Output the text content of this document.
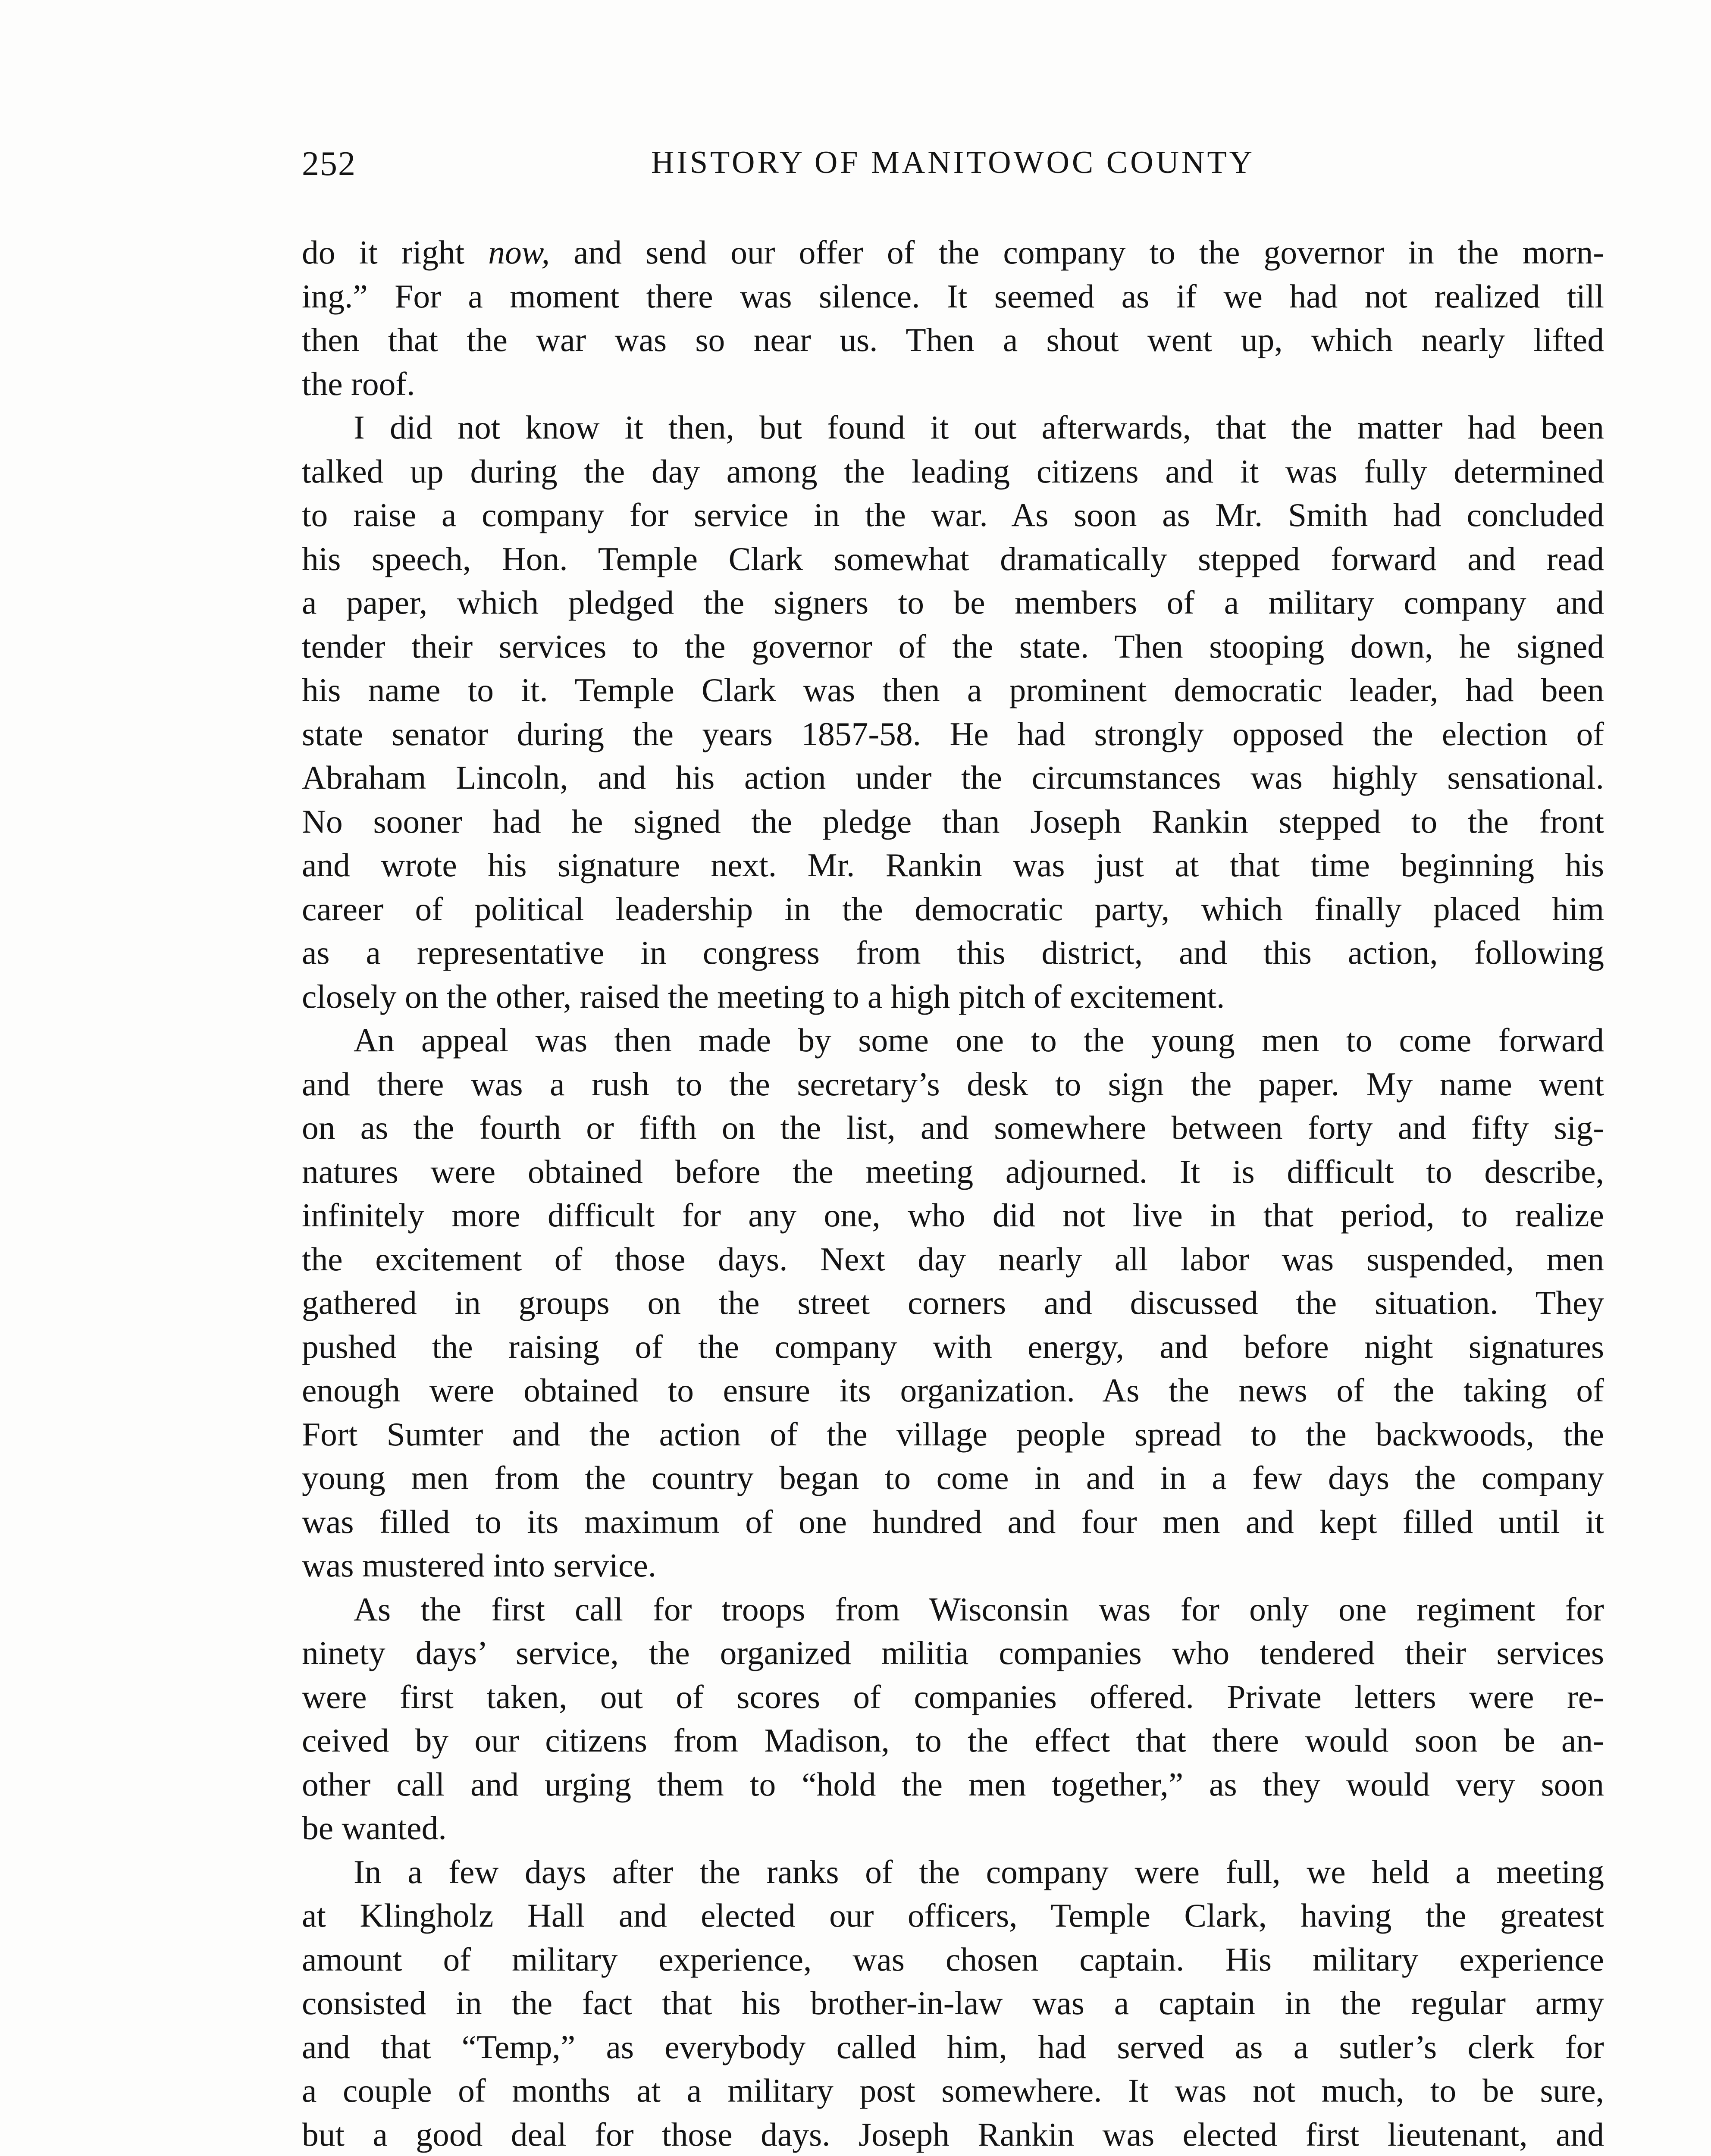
252	HISTORY OF MANITOWOC COUNTY
do it right now, and send our offer of the company to the governor in the morn-
ing.” For a moment there was silence. It seemed as if we had not realized till
then that the war was so near us. Then a shout went up, which nearly lifted
the roof.
I did not know it then, but found it out afterwards, that the matter had been
talked up during the day among the leading citizens and it was fully determined
to raise a company for service in the war. As soon as Mr. Smith had concluded
his speech, Hon. Temple Clark somewhat dramatically stepped forward and read
a paper, which pledged the signers to be members of a military company and
tender their services to the governor of the state. Then stooping down, he signed
his name to it. Temple Clark was then a prominent democratic leader, had been
state senator during the years 1857-58. He had strongly opposed the election of
Abraham Lincoln, and his action under the circumstances was highly sensational.
No sooner had he signed the pledge than Joseph Rankin stepped to the front
and wrote his signature next. Mr. Rankin was just at that time beginning his
career of political leadership in the democratic party, which finally placed him
as a representative in congress from this district, and this action, following
closely on the other, raised the meeting to a high pitch of excitement.
An appeal was then made by some one to the young men to come forward
and there was a rush to the secretary’s desk to sign the paper. My name went
on as the fourth or fifth on the list, and somewhere between forty and fifty sig-
natures were obtained before the meeting adjourned. It is difficult to describe,
infinitely more difficult for any one, who did not live in that period, to realize
the excitement of those days. Next day nearly all labor was suspended, men
gathered in groups on the street corners and discussed the situation. They
pushed the raising of the company with energy, and before night signatures
enough were obtained to ensure its organization. As the news of the taking of
Fort Sumter and the action of the village people spread to the backwoods, the
young men from the country began to come in and in a few days the company
was filled to its maximum of one hundred and four men and kept filled until it
was mustered into service.
As the first call for troops from Wisconsin was for only one regiment for
ninety days’ service, the organized militia companies who tendered their services
were first taken, out of scores of companies offered. Private letters were re-
ceived by our citizens from Madison, to the effect that there would soon be an-
other call and urging them to “hold the men together,” as they would very soon
be wanted.
In a few days after the ranks of the company were full, we held a meeting
at Klingholz Hall and elected our officers, Temple Clark, having the greatest
amount of military experience, was chosen captain. His military experience
consisted in the fact that his brother-in-law was a captain in the regular army
and that “Temp,” as everybody called him, had served as a sutler’s clerk for
a couple of months at a military post somewhere. It was not much, to be sure,
but a good deal for those days. Joseph Rankin was elected first lieutenant, and
